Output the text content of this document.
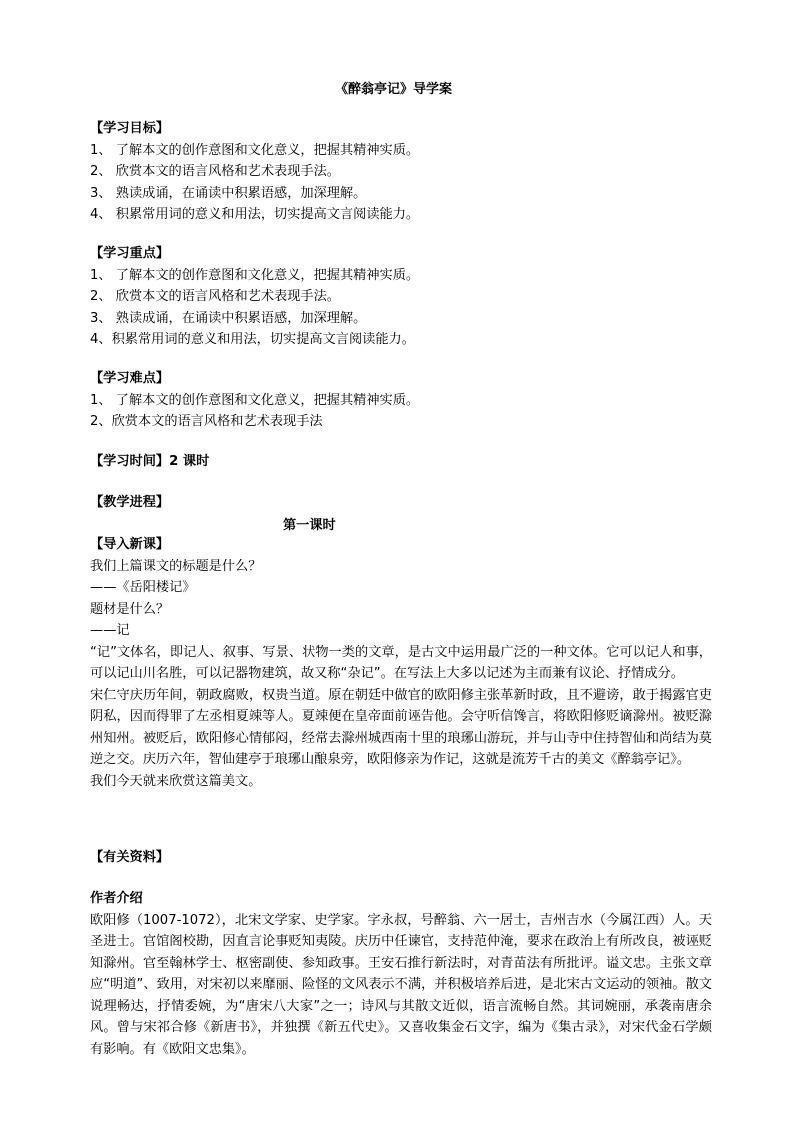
《醉翁亭记》导学案
【学习目标】
1、 了解本文的创作意图和文化意义，把握其精神实质。
2、 欣赏本文的语言风格和艺术表现手法。
3、 熟读成诵，在诵读中积累语感，加深理解。
4、 积累常用词的意义和用法，切实提高文言阅读能力。
【学习重点】
1、 了解本文的创作意图和文化意义，把握其精神实质。
2、 欣赏本文的语言风格和艺术表现手法。
3、 熟读成诵，在诵读中积累语感，加深理解。
4、积累常用词的意义和用法，切实提高文言阅读能力。
【学习难点】
1、 了解本文的创作意图和文化意义，把握其精神实质。
2、欣赏本文的语言风格和艺术表现手法
【学习时间】2 课时
【教学进程】
第一课时
【导入新课】
我们上篇课文的标题是什么？
——《岳阳楼记》
题材是什么？
——记
“记”文体名，即记人、叙事、写景、状物一类的文章，是古文中运用最广泛的一种文体。它可以记人和事，可以记山川名胜，可以记器物建筑，故又称“杂记”。在写法上大多以记述为主而兼有议论、抒情成分。
宋仁守庆历年间，朝政腐败，权贵当道。原在朝廷中做官的欧阳修主张革新时政，且不避谤，敢于揭露官吏阴私，因而得罪了左丞相夏竦等人。夏竦便在皇帝面前诬告他。会守听信馋言，将欧阳修贬谪滁州。被贬滁州知州。被贬后，欧阳修心情郁闷，经常去滁州城西南十里的琅琊山游玩，并与山寺中住持智仙和尚结为莫逆之交。庆历六年，智仙建亭于琅琊山酿泉旁，欧阳修亲为作记，这就是流芳千古的美文《醉翁亭记》。
我们今天就来欣赏这篇美文。
【有关资料】
作者介绍
欧阳修（1007-1072），北宋文学家、史学家。字永叔，号醉翁、六一居士，吉州吉水（今属江西）人。天圣进士。官馆阁校勘，因直言论事贬知夷陵。庆历中任谏官，支持范仲淹，要求在政治上有所改良，被诬贬知滁州。官至翰林学士、枢密副使、参知政事。王安石推行新法时，对青苗法有所批评。谥文忠。主张文章应“明道”、致用，对宋初以来靡丽、险怪的文风表示不满，并积极培养后进，是北宋古文运动的领袖。散文说理畅达，抒情委婉，为“唐宋八大家”之一；诗风与其散文近似，语言流畅自然。其词婉丽，承袭南唐余风。曾与宋祁合修《新唐书》，并独撰《新五代史》。又喜收集金石文字，编为《集古录》，对宋代金石学颇有影响。有《欧阳文忠集》。
